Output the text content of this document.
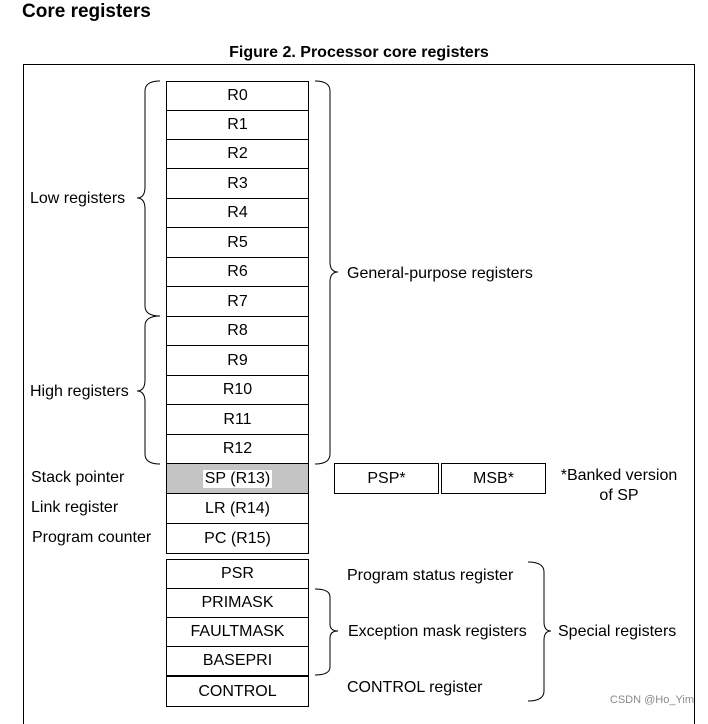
Core registers
Figure 2. Processor core registers
R0
R1
R2
R3
R4
R5
R6
R7
R8
R9
R10
R11
R12
SP (R13)
LR (R14)
PC (R15)
PSP*	MSB*	*Banked version
of SP
PSR
PRIMASK
FAULTMASK
BASEPRI
CONTROL
Low registers
High registers
Stack pointer
Link register
Program counter
General-purpose registers
Program status register
Exception mask registers
CONTROL register
Special registers
CSDN @Ho_Yim
